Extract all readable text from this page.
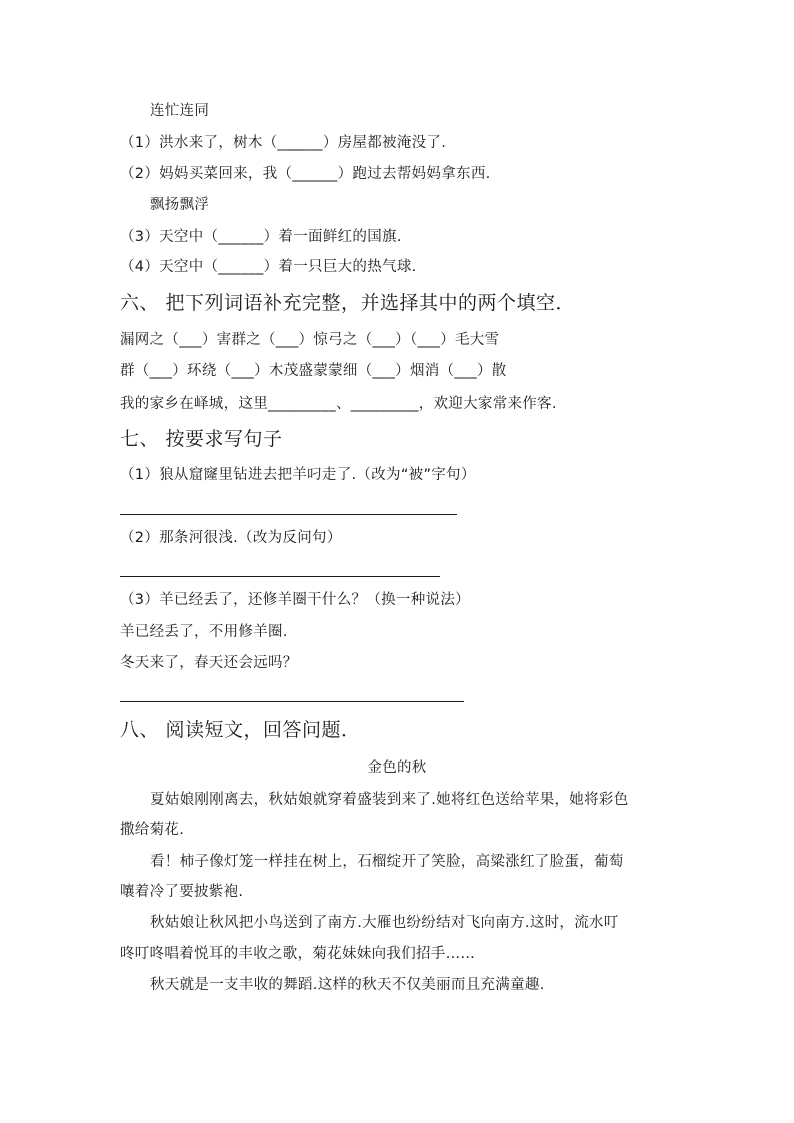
连忙连同
（1）洪水来了，树木（______）房屋都被淹没了.
（2）妈妈买菜回来，我（______）跑过去帮妈妈拿东西.
飘扬飘浮
（3）天空中（______）着一面鲜红的国旗.
（4）天空中（______）着一只巨大的热气球.
六、 把下列词语补充完整，并选择其中的两个填空．
漏网之（___）害群之（___）惊弓之（___）（___）毛大雪
群（___）环绕（___）木茂盛蒙蒙细（___）烟消（___）散
我的家乡在峄城，这里_________、_________，欢迎大家常来作客.
七、 按要求写句子
（1）狼从窟窿里钻进去把羊叼走了.（改为“被”字句）
（2）那条河很浅.（改为反问句）
（3）羊已经丢了，还修羊圈干什么？（换一种说法）
羊已经丢了，不用修羊圈.
冬天来了，春天还会远吗？
八、 阅读短文，回答问题．
金色的秋
夏姑娘刚刚离去，秋姑娘就穿着盛装到来了.她将红色送给苹果，她将彩色
撒给菊花.
看！柿子像灯笼一样挂在树上，石榴绽开了笑脸，高粱涨红了脸蛋，葡萄
嚷着冷了要披紫袍.
秋姑娘让秋风把小鸟送到了南方.大雁也纷纷结对飞向南方.这时，流水叮
咚叮咚唱着悦耳的丰收之歌，菊花妹妹向我们招手……
秋天就是一支丰收的舞蹈.这样的秋天不仅美丽而且充满童趣.
